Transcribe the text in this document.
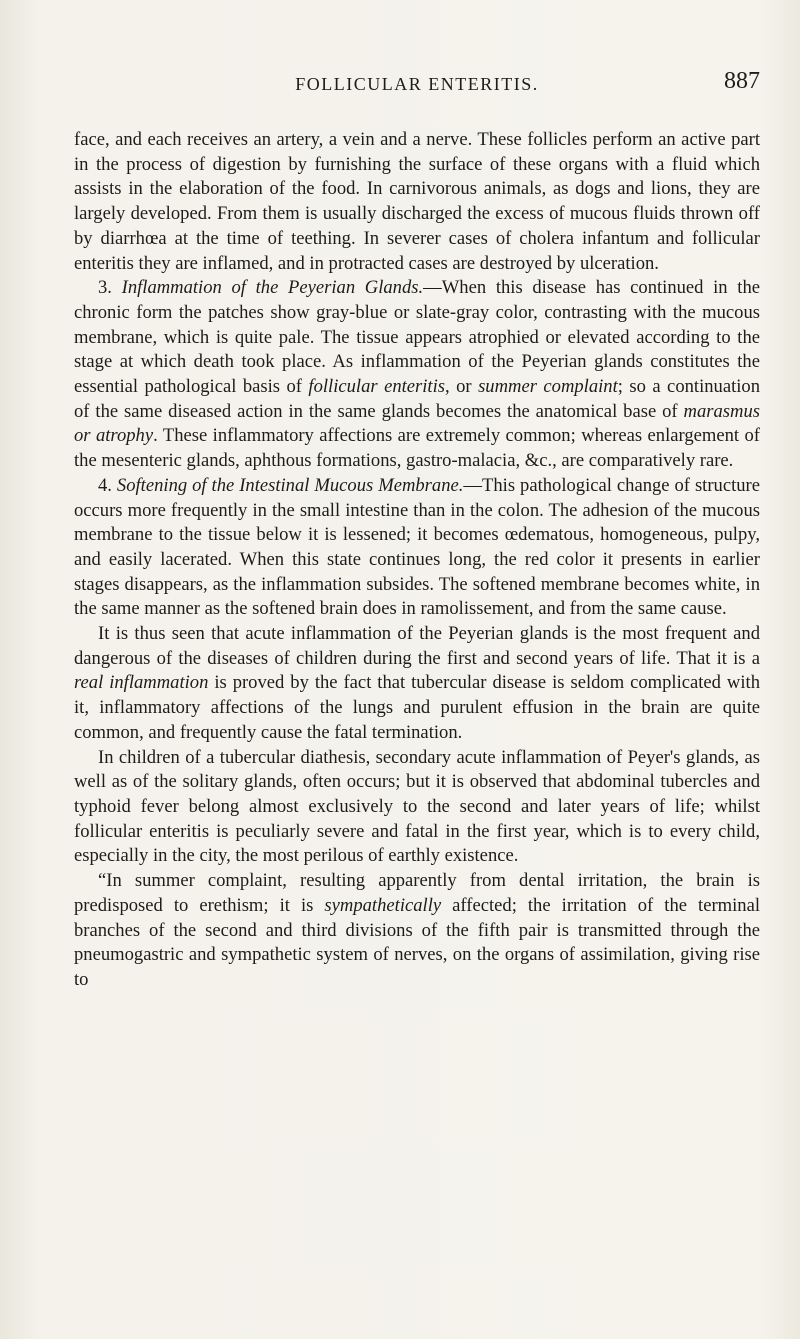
FOLLICULAR ENTERITIS.	887

face, and each receives an artery, a vein and a nerve. These follicles perform an active part in the process of digestion by furnishing the surface of these organs with a fluid which assists in the elaboration of the food. In carnivorous animals, as dogs and lions, they are largely developed. From them is usually discharged the excess of mucous fluids thrown off by diarrhœa at the time of teething. In severer cases of cholera infantum and follicular enteritis they are inflamed, and in protracted cases are destroyed by ulceration.

3. Inflammation of the Peyerian Glands.—When this disease has continued in the chronic form the patches show gray-blue or slate-gray color, contrasting with the mucous membrane, which is quite pale. The tissue appears atrophied or elevated according to the stage at which death took place. As inflammation of the Peyerian glands constitutes the essential pathological basis of follicular enteritis, or summer complaint; so a continuation of the same diseased action in the same glands becomes the anatomical base of marasmus or atrophy. These inflammatory affections are extremely common; whereas enlargement of the mesenteric glands, aphthous formations, gastro-malacia, &c., are comparatively rare.

4. Softening of the Intestinal Mucous Membrane.—This pathological change of structure occurs more frequently in the small intestine than in the colon. The adhesion of the mucous membrane to the tissue below it is lessened; it becomes œdematous, homogeneous, pulpy, and easily lacerated. When this state continues long, the red color it presents in earlier stages disappears, as the inflammation subsides. The softened membrane becomes white, in the same manner as the softened brain does in ramolissement, and from the same cause.

It is thus seen that acute inflammation of the Peyerian glands is the most frequent and dangerous of the diseases of children during the first and second years of life. That it is a real inflammation is proved by the fact that tubercular disease is seldom complicated with it, inflammatory affections of the lungs and purulent effusion in the brain are quite common, and frequently cause the fatal termination.

In children of a tubercular diathesis, secondary acute inflammation of Peyer's glands, as well as of the solitary glands, often occurs; but it is observed that abdominal tubercles and typhoid fever belong almost exclusively to the second and later years of life; whilst follicular enteritis is peculiarly severe and fatal in the first year, which is to every child, especially in the city, the most perilous of earthly existence.

“In summer complaint, resulting apparently from dental irritation, the brain is predisposed to erethism; it is sympathetically affected; the irritation of the terminal branches of the second and third divisions of the fifth pair is transmitted through the pneumogastric and sympathetic system of nerves, on the organs of assimilation, giving rise to
